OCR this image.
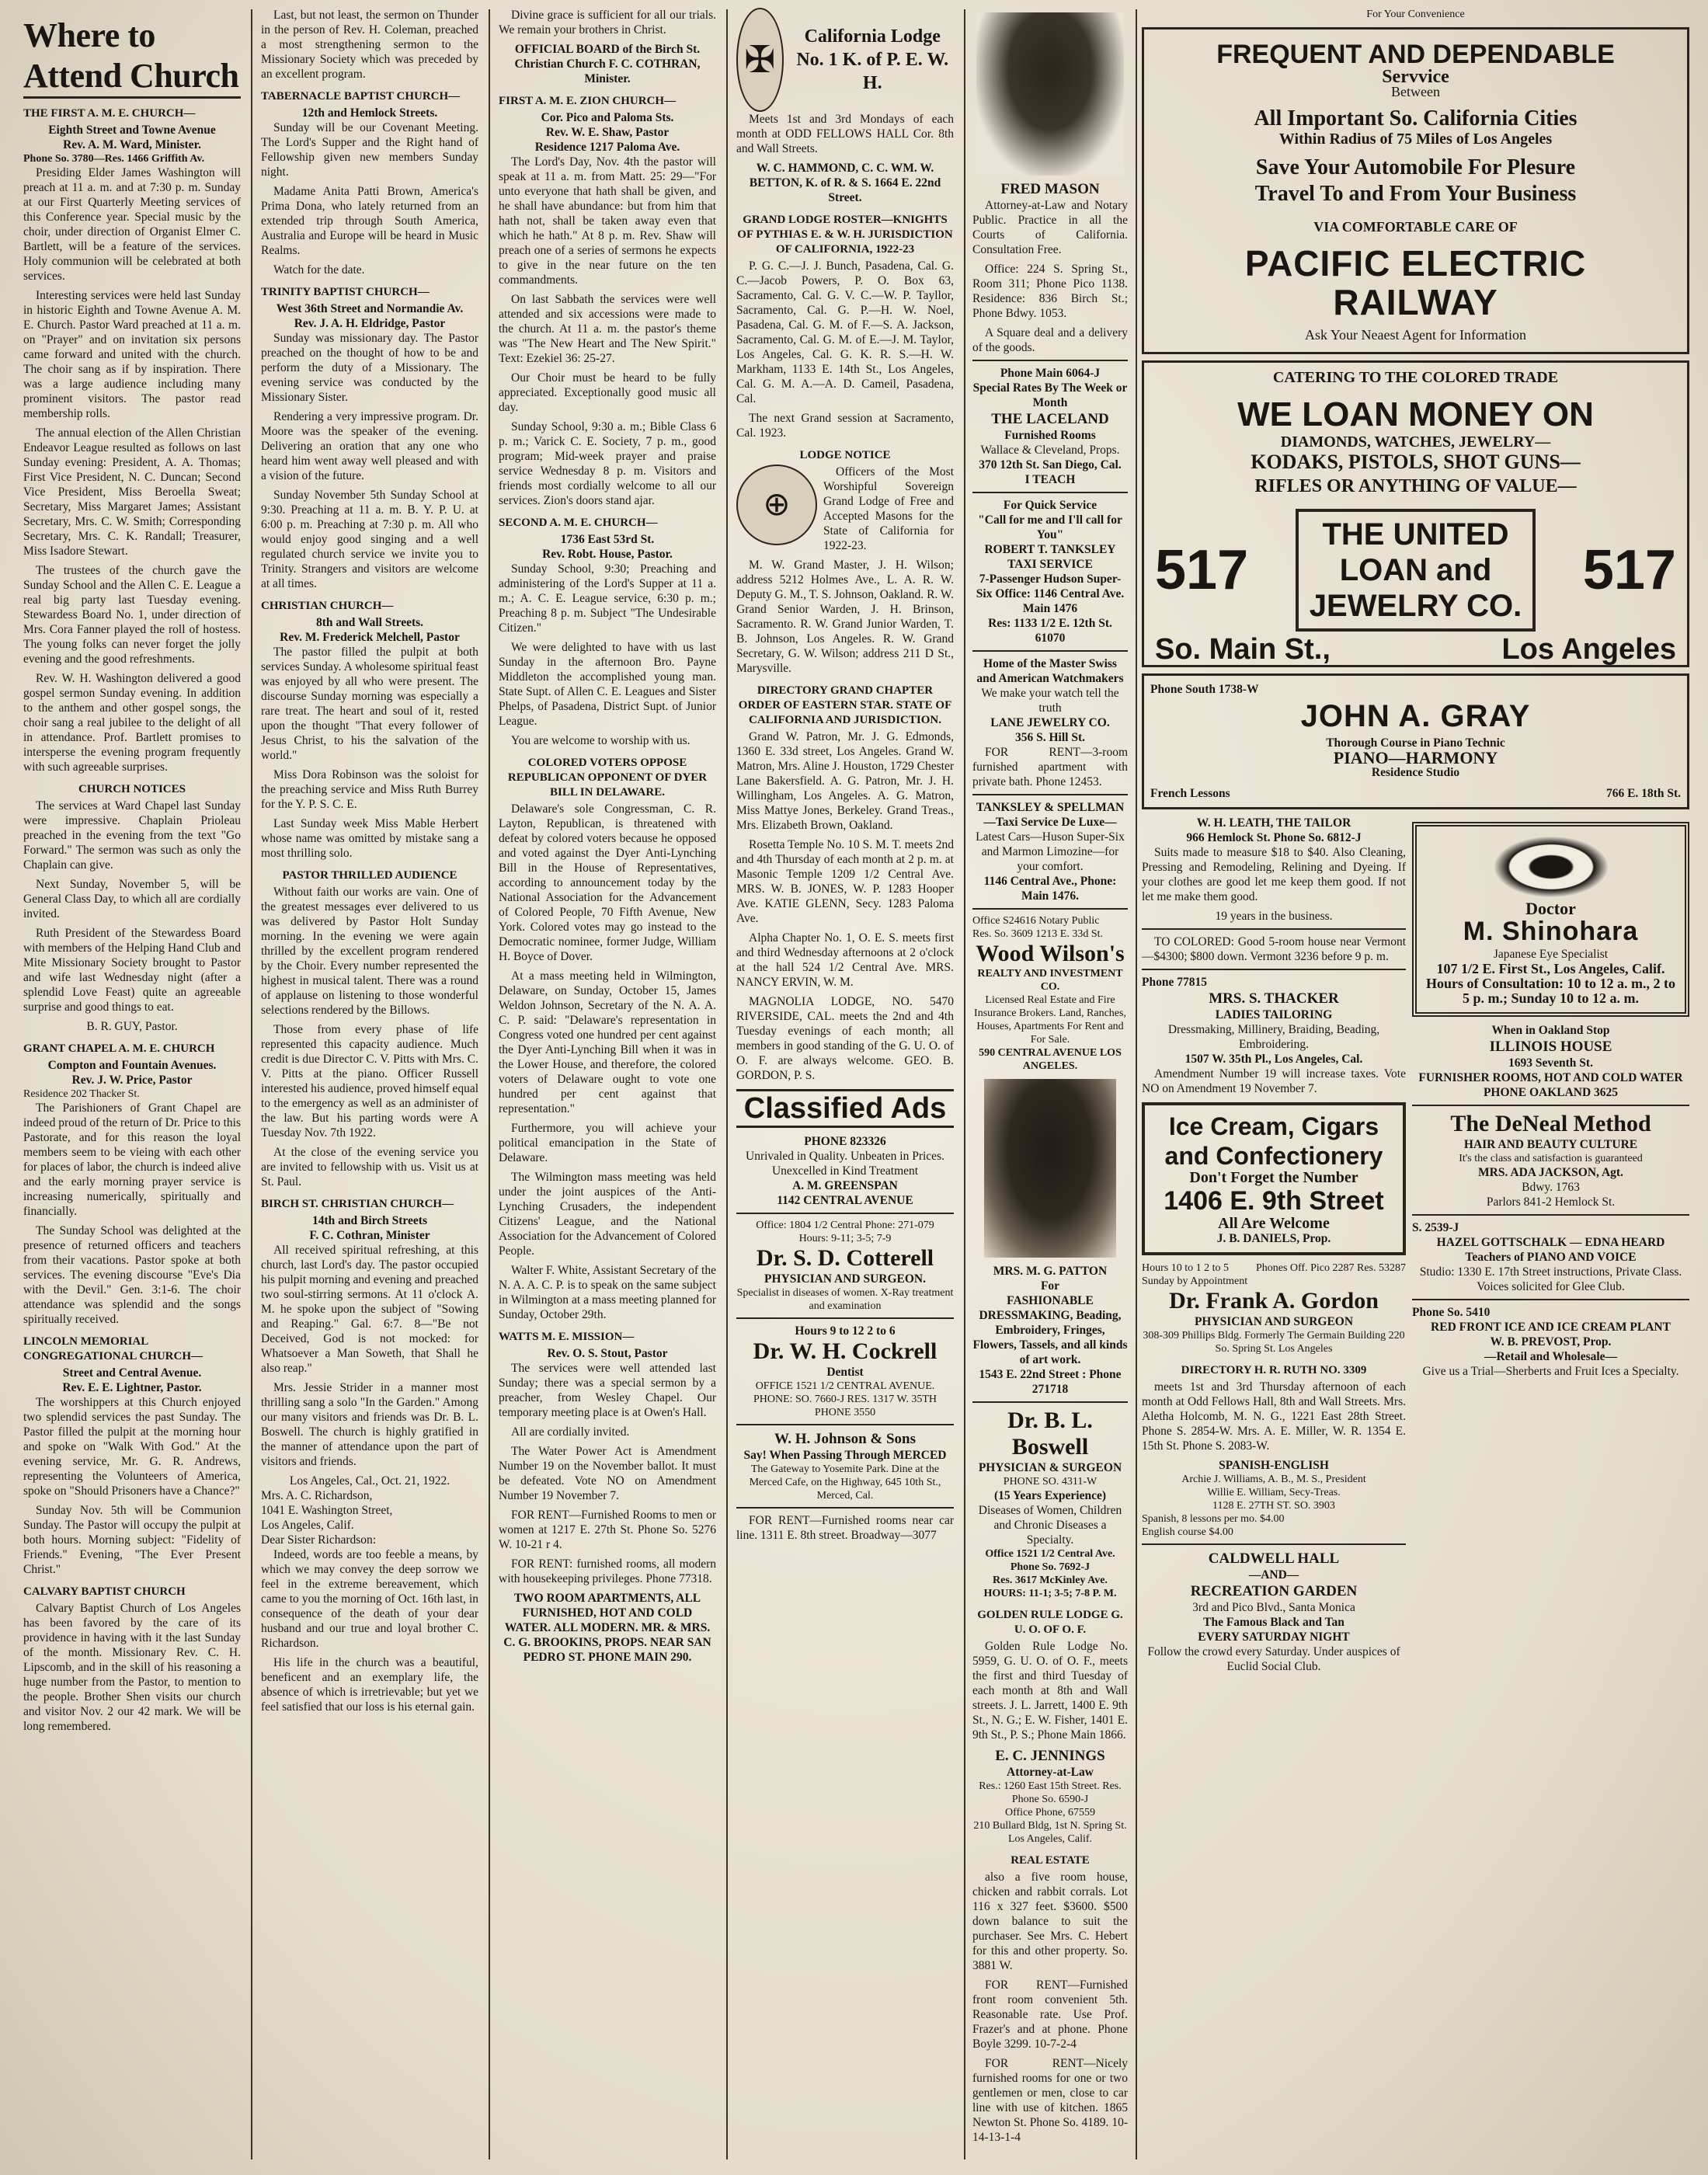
Where to Attend Church
THE FIRST A. M. E. CHURCH—
Eighth Street and Towne Avenue
Rev. A. M. Ward, Minister.
Phone So. 3780—Res. 1466 Griffith Av.

Presiding Elder James Washington will preach at 11 a. m. and at 7:30 p. m. Sunday at our First Quarterly Meeting services of this Conference year. Special music by the choir, under direction of Organist Elmer C. Bartlett, will be a feature of the services. Holy communion will be celebrated at both services.

Interesting services were held last Sunday in historic Eighth and Towne Avenue A. M. E. Church. Pastor Ward preached at 11 a. m. on "Prayer" and on invitation six persons came forward and united with the church. The choir sang as if by inspiration. There was a large audience including many prominent visitors. The pastor read membership rolls.

The annual election of the Allen Christian Endeavor League resulted as follows on last Sunday evening: President, A. A. Thomas; First Vice President, N. C. Duncan; Second Vice President, Miss Beroella Sweat; Secretary, Miss Margaret James; Assistant Secretary, Mrs. C. W. Smith; Corresponding Secretary, Mrs. C. K. Randall; Treasurer, Miss Isadore Stewart.

The trustees of the church gave the Sunday School and the Allen C. E. League a real big party last Tuesday evening. Stewardess Board No. 1, under direction of Mrs. Cora Fanner played the roll of hostess. The young folks can never forget the jolly evening and the good refreshments.

Rev. W. H. Washington delivered a good gospel sermon Sunday evening. In addition to the anthem and other gospel songs, the choir sang a real jubilee to the delight of all in attendance. Prof. Bartlett promises to intersperse the evening program frequently with such agreeable surprises.

CHURCH NOTICES

The services at Ward Chapel last Sunday were impressive. Chaplain Prioleau preached in the evening from the text "Go Forward." The sermon was such as only the Chaplain can give.

Next Sunday, November 5, will be General Class Day, to which all are cordially invited.

Ruth President of the Stewardess Board with members of the Helping Hand Club and Mite Missionary Society brought to Pastor and wife last Wednesday night (after a splendid Love Feast) quite an agreeable surprise and good things to eat.

B. R. GUY, Pastor.
GRANT CHAPEL A. M. E. CHURCH
Compton and Fountain Avenues.
Rev. J. W. Price, Pastor
Residence 202 Thacker St.

The Parishioners of Grant Chapel are indeed proud of the return of Dr. Price to this Pastorate, and for this reason the loyal members seem to be vieing with each other for places of labor, the church is indeed alive and the early morning prayer service is increasing numerically, spiritually and financially.

The Sunday School was delighted at the presence of returned officers and teachers from their vacations. Pastor spoke at both services. The evening discourse "Eve's Dia with the Devil." Gen. 3:1-6. The choir attendance was splendid and the songs spiritually received.

LINCOLN MEMORIAL CONGREGATIONAL CHURCH—
Street and Central Avenue.
Rev. E. E. Lightner, Pastor.

The worshippers at this Church enjoyed two splendid services the past Sunday. The Pastor filled the pulpit at the morning hour and spoke on "Walk With God." At the evening service, Mr. G. R. Andrews, representing the Volunteers of America, spoke on "Should Prisoners have a Chance?"

Sunday Nov. 5th will be Communion Sunday. The Pastor will occupy the pulpit at both hours. Morning subject: "Fidelity of Friends." Evening, "The Ever Present Christ."

CALVARY BAPTIST CHURCH

Calvary Baptist Church of Los Angeles has been favored by the care of its providence in having with it the last Sunday of the month. Missionary Rev. C. H. Lipscomb, and in the skill of his reasoning a huge number from the Pastor, to mention to the people. Brother Shen visits our church and visitor Nov. 2 our 42 mark. We will be long remembered.

Last, but not least, the sermon on Thunder in the person of Rev. H. Coleman, preached a most strengthening sermon to the Missionary Society which was preceded by an excellent program.

TABERNACLE BAPTIST CHURCH—
12th and Hemlock Streets.

Sunday will be our Covenant Meeting. The Lord's Supper and the Right hand of Fellowship given new members Sunday night.

Madame Anita Patti Brown, America's Prima Dona, who lately returned from an extended trip through South America, Australia and Europe will be heard in Music Realms.

Watch for the date.

TRINITY BAPTIST CHURCH—
West 36th Street and Normandie Av.
Rev. J. A. H. Eldridge, Pastor

Sunday was missionary day. The Pastor preached on the thought of how to be and perform the duty of a Missionary. The evening service was conducted by the Missionary Sister.

Rendering a very impressive program. Dr. Moore was the speaker of the evening. Delivering an oration that any one who heard him went away well pleased and with a vision of the future.

Sunday November 5th Sunday School at 9:30. Preaching at 11 a. m. B. Y. P. U. at 6:00 p. m. Preaching at 7:30 p. m. All who would enjoy good singing and a well regulated church service we invite you to Trinity. Strangers and visitors are welcome at all times.

CHRISTIAN CHURCH—
8th and Wall Streets.
Rev. M. Frederick Melchell, Pastor

The pastor filled the pulpit at both services Sunday. A wholesome spiritual feast was enjoyed by all who were present. The discourse Sunday morning was especially a rare treat. The heart and soul of it, rested upon the thought "That every follower of Jesus Christ, to his the salvation of the world."

Miss Dora Robinson was the soloist for the preaching service and Miss Ruth Burrey for the Y. P. S. C. E.

Last Sunday week Miss Mable Herbert whose name was omitted by mistake sang a most thrilling solo.

PASTOR THRILLED AUDIENCE

Without faith our works are vain. One of the greatest messages ever delivered to us was delivered by Pastor Holt Sunday morning. In the evening we were again thrilled by the excellent program rendered by the Choir. Every number represented the highest in musical talent. There was a round of applause on listening to those wonderful selections rendered by the Billows.

Those from every phase of life represented this capacity audience. Much credit is due Director C. V. Pitts with Mrs. C. V. Pitts at the piano. Officer Russell interested his audience, proved himself equal to the emergency as well as an administer of the law. But his parting words were A Tuesday Nov. 7th 1922.

At the close of the evening service you are invited to fellowship with us. Visit us at St. Paul.

BIRCH ST. CHRISTIAN CHURCH—
14th and Birch Streets
F. C. Cothran, Minister

All received spiritual refreshing, at this church, last Lord's day. The pastor occupied his pulpit morning and evening and preached two soul-stirring sermons. At 11 o'clock A. M. he spoke upon the subject of "Sowing and Reaping." Gal. 6:7. 8—"Be not Deceived, God is not mocked: for Whatsoever a Man Soweth, that Shall he also reap."

Mrs. Jessie Strider in a manner most thrilling sang a solo "In the Garden." Among our many visitors and friends was Dr. B. L. Boswell. The church is highly gratified in the manner of attendance upon the part of visitors and friends.

Los Angeles, Cal., Oct. 21, 1922.
Mrs. A. C. Richardson,
1041 E. Washington Street,
Los Angeles, Calif.
Dear Sister Richardson:

Indeed, words are too feeble a means, by which we may convey the deep sorrow we feel in the extreme bereavement, which came to you the morning of Oct. 16th last, in consequence of the death of your dear husband and our true and loyal brother C. Richardson.

His life in the church was a beautiful, beneficent and an exemplary life, the absence of which is irretrievable; but yet we feel satisfied that our loss is his eternal gain.

Divine grace is sufficient for all our trials. We remain your brothers in Christ.

OFFICIAL BOARD of the Birch St. Christian Church F. C. COTHRAN, Minister.
FIRST A. M. E. ZION CHURCH—
Cor. Pico and Paloma Sts.
Rev. W. E. Shaw, Pastor
Residence 1217 Paloma Ave.

The Lord's Day, Nov. 4th the pastor will speak at 11 a. m. from Matt. 25: 29—"For unto everyone that hath shall be given, and he shall have abundance: but from him that hath not, shall be taken away even that which he hath." At 8 p. m. Rev. Shaw will preach one of a series of sermons he expects to give in the near future on the ten commandments.

On last Sabbath the services were well attended and six accessions were made to the church. At 11 a. m. the pastor's theme was "The New Heart and The New Spirit." Text: Ezekiel 36: 25-27.

Our Choir must be heard to be fully appreciated. Exceptionally good music all day.

Sunday School, 9:30 a. m.; Bible Class 6 p. m.; Varick C. E. Society, 7 p. m., good program; Mid-week prayer and praise service Wednesday 8 p. m. Visitors and friends most cordially welcome to all our services. Zion's doors stand ajar.

SECOND A. M. E. CHURCH—
1736 East 53rd St.
Rev. Robt. House, Pastor.

Sunday School, 9:30; Preaching and administering of the Lord's Supper at 11 a. m.; A. C. E. League service, 6:30 p. m.; Preaching 8 p. m. Subject "The Undesirable Citizen."

We were delighted to have with us last Sunday in the afternoon Bro. Payne Middleton the accomplished young man. State Supt. of Allen C. E. Leagues and Sister Phelps, of Pasadena, District Supt. of Junior League.

You are welcome to worship with us.

COLORED VOTERS OPPOSE REPUBLICAN OPPONENT OF DYER BILL IN DELAWARE.

Delaware's sole Congressman, C. R. Layton, Republican, is threatened with defeat by colored voters because he opposed and voted against the Dyer Anti-Lynching Bill in the House of Representatives, according to announcement today by the National Association for the Advancement of Colored People, 70 Fifth Avenue, New York. Colored votes may go instead to the Democratic nominee, former Judge, William H. Boyce of Dover.

At a mass meeting held in Wilmington, Delaware, on Sunday, October 15, James Weldon Johnson, Secretary of the N. A. A. C. P. said: "Delaware's representation in Congress voted one hundred per cent against the Dyer Anti-Lynching Bill when it was in the Lower House, and therefore, the colored voters of Delaware ought to vote one hundred per cent against that representation."

Furthermore, you will achieve your political emancipation in the State of Delaware.

The Wilmington mass meeting was held under the joint auspices of the Anti-Lynching Crusaders, the independent Citizens' League, and the National Association for the Advancement of Colored People.

Walter F. White, Assistant Secretary of the N. A. A. C. P. is to speak on the same subject in Wilmington at a mass meeting planned for Sunday, October 29th.

WATTS M. E. MISSION—
Rev. O. S. Stout, Pastor

The services were well attended last Sunday; there was a special sermon by a preacher, from Wesley Chapel. Our temporary meeting place is at Owen's Hall.

All are cordially invited.

The Water Power Act is Amendment Number 19 on the November ballot. It must be defeated. Vote NO on Amendment Number 19 November 7.

FOR RENT—Furnished Rooms to men or women at 1217 E. 27th St. Phone So. 5276 W. 10-21 r 4.

FOR RENT: furnished rooms, all modern with housekeeping privileges. Phone 77318.

TWO ROOM APARTMENTS, ALL FURNISHED, HOT AND COLD WATER. ALL MODERN. MR. & MRS. C. G. BROOKINS, PROPS. NEAR SAN PEDRO ST. PHONE MAIN 290.
✠
California Lodge No. 1 K. of P. E. W. H.

Meets 1st and 3rd Mondays of each month at ODD FELLOWS HALL Cor. 8th and Wall Streets.

W. C. HAMMOND, C. C. WM. W. BETTON, K. of R. & S. 1664 E. 22nd Street.
GRAND LODGE ROSTER—KNIGHTS OF PYTHIAS E. & W. H. JURISDICTION OF CALIFORNIA, 1922-23

P. G. C.—J. J. Bunch, Pasadena, Cal. G. C.—Jacob Powers, P. O. Box 63, Sacramento, Cal. G. V. C.—W. P. Tayllor, Sacramento, Cal. G. P.—H. W. Noel, Pasadena, Cal. G. M. of F.—S. A. Jackson, Sacramento, Cal. G. M. of E.—J. M. Taylor, Los Angeles, Cal. G. K. R. S.—H. W. Markham, 1133 E. 14th St., Los Angeles, Cal. G. M. A.—A. D. Cameil, Pasadena, Cal.

The next Grand session at Sacramento, Cal. 1923.

LODGE NOTICE
⊕

Officers of the Most Worshipful Sovereign Grand Lodge of Free and Accepted Masons for the State of California for 1922-23.

M. W. Grand Master, J. H. Wilson; address 5212 Holmes Ave., L. A. R. W. Deputy G. M., T. S. Johnson, Oakland. R. W. Grand Senior Warden, J. H. Brinson, Sacramento. R. W. Grand Junior Warden, T. B. Johnson, Los Angeles. R. W. Grand Secretary, G. W. Wilson; address 211 D St., Marysville.

DIRECTORY GRAND CHAPTER ORDER OF EASTERN STAR. STATE OF CALIFORNIA AND JURISDICTION.

Grand W. Patron, Mr. J. G. Edmonds, 1360 E. 33d street, Los Angeles. Grand W. Matron, Mrs. Aline J. Houston, 1729 Chester Lane Bakersfield. A. G. Patron, Mr. J. H. Willingham, Los Angeles. A. G. Matron, Miss Mattye Jones, Berkeley. Grand Treas., Mrs. Elizabeth Brown, Oakland.

Rosetta Temple No. 10 S. M. T. meets 2nd and 4th Thursday of each month at 2 p. m. at Masonic Temple 1209 1/2 Central Ave. MRS. W. B. JONES, W. P. 1283 Hooper Ave. KATIE GLENN, Secy. 1283 Paloma Ave.

Alpha Chapter No. 1, O. E. S. meets first and third Wednesday afternoons at 2 o'clock at the hall 524 1/2 Central Ave. MRS. NANCY ERVIN, W. M.

MAGNOLIA LODGE, NO. 5470 RIVERSIDE, CAL. meets the 2nd and 4th Tuesday evenings of each month; all members in good standing of the G. U. O. of O. F. are always welcome. GEO. B. GORDON, P. S.

Classified Ads
PHONE 823326
Unrivaled in Quality. Unbeaten in Prices. Unexcelled in Kind Treatment
A. M. GREENSPAN
1142 CENTRAL AVENUE
Office: 1804 1/2 Central Phone: 271-079
Hours: 9-11; 3-5; 7-9
Dr. S. D. Cotterell
PHYSICIAN AND SURGEON.
Specialist in diseases of women. X-Ray treatment and examination
Hours 9 to 12 2 to 6
Dr. W. H. Cockrell
Dentist
OFFICE 1521 1/2 CENTRAL AVENUE. PHONE: SO. 7660-J RES. 1317 W. 35TH PHONE 3550
W. H. Johnson & Sons
Say! When Passing Through MERCED
The Gateway to Yosemite Park. Dine at the Merced Cafe, on the Highway, 645 10th St., Merced, Cal.

FOR RENT—Furnished rooms near car line. 1311 E. 8th street. Broadway—3077

FRED MASON

Attorney-at-Law and Notary Public. Practice in all the Courts of California. Consultation Free.

Office: 224 S. Spring St., Room 311; Phone Pico 1138. Residence: 836 Birch St.; Phone Bdwy. 1053.

A Square deal and a delivery of the goods.

Phone Main 6064-J
Special Rates By The Week or Month
THE LACELAND
Furnished Rooms
Wallace & Cleveland, Props.
370 12th St. San Diego, Cal.
I TEACH
For Quick Service
"Call for me and I'll call for You"
ROBERT T. TANKSLEY TAXI SERVICE
7-Passenger Hudson Super-Six Office: 1146 Central Ave. Main 1476
Res: 1133 1/2 E. 12th St. 61070
Home of the Master Swiss and American Watchmakers
We make your watch tell the truth
LANE JEWELRY CO.
356 S. Hill St.

FOR RENT—3-room furnished apartment with private bath. Phone 12453.

TANKSLEY & SPELLMAN
—Taxi Service De Luxe—
Latest Cars—Huson Super-Six and Marmon Limozine—for your comfort.
1146 Central Ave., Phone: Main 1476.
Office S24616 Notary Public
Res. So. 3609 1213 E. 33d St.
Wood Wilson's
REALTY AND INVESTMENT CO.
Licensed Real Estate and Fire Insurance Brokers. Land, Ranches, Houses, Apartments For Rent and For Sale.
590 CENTRAL AVENUE LOS ANGELES.
MRS. M. G. PATTON
For
FASHIONABLE DRESSMAKING, Beading, Embroidery, Fringes, Flowers, Tassels, and all kinds of art work.
1543 E. 22nd Street : Phone 271718
Dr. B. L. Boswell
PHYSICIAN & SURGEON
PHONE SO. 4311-W
(15 Years Experience)
Diseases of Women, Children and Chronic Diseases a Specialty.
Office 1521 1/2 Central Ave. Phone So. 7692-J
Res. 3617 McKinley Ave.
HOURS: 11-1; 3-5; 7-8 P. M.
GOLDEN RULE LODGE G. U. O. OF O. F.

Golden Rule Lodge No. 5959, G. U. O. of O. F., meets the first and third Tuesday of each month at 8th and Wall streets. J. L. Jarrett, 1400 E. 9th St., N. G.; E. W. Fisher, 1401 E. 9th St., P. S.; Phone Main 1866.

E. C. JENNINGS
Attorney-at-Law
Res.: 1260 East 15th Street. Res. Phone So. 6590-J
Office Phone, 67559
210 Bullard Bldg, 1st N. Spring St. Los Angeles, Calif.
REAL ESTATE

also a five room house, chicken and rabbit corrals. Lot 116 x 327 feet. $3600. $500 down balance to suit the purchaser. See Mrs. C. Hebert for this and other property. So. 3881 W.

FOR RENT—Furnished front room convenient 5th. Reasonable rate. Use Prof. Frazer's and at phone. Phone Boyle 3299. 10-7-2-4

FOR RENT—Nicely furnished rooms for one or two gentlemen or men, close to car line with use of kitchen. 1865 Newton St. Phone So. 4189. 10-14-13-1-4

For Your Convenience
FREQUENT AND DEPENDABLE
Servvice
Between
All Important So. California Cities
Within Radius of 75 Miles of Los Angeles
Save Your Automobile For Plesure
Travel To and From Your Business
VIA COMFORTABLE CARE OF
PACIFIC ELECTRIC
RAILWAY
Ask Your Neaest Agent for Information
CATERING TO THE COLORED TRADE
WE LOAN MONEY ON
DIAMONDS, WATCHES, JEWELRY—
KODAKS, PISTOLS, SHOT GUNS—
RIFLES OR ANYTHING OF VALUE—
517
THE UNITED
LOAN and
JEWELRY CO.
517
So. Main St.,	Los Angeles
Phone South 1738-W
JOHN A. GRAY
Thorough Course in Piano Technic
PIANO—HARMONY
Residence Studio
French Lessons	766 E. 18th St.
W. H. LEATH, THE TAILOR
966 Hemlock St. Phone So. 6812-J

Suits made to measure $18 to $40. Also Cleaning, Pressing and Remodeling, Relining and Dyeing. If your clothes are good let me keep them good. If not let me make them good.

19 years in the business.

TO COLORED: Good 5-room house near Vermont—$4300; $800 down. Vermont 3236 before 9 p. m.

Phone 77815
MRS. S. THACKER
LADIES TAILORING
Dressmaking, Millinery, Braiding, Beading, Embroidering.
1507 W. 35th Pl., Los Angeles, Cal.

Amendment Number 19 will increase taxes. Vote NO on Amendment 19 November 7.

Ice Cream, Cigars
and Confectionery
Don't Forget the Number
1406 E. 9th Street
All Are Welcome
J. B. DANIELS, Prop.
Hours 10 to 1 2 to 5 Phones Off. Pico 2287 Res. 53287
Sunday by Appointment
Dr. Frank A. Gordon
PHYSICIAN AND SURGEON
308-309 Phillips Bldg. Formerly The Germain Building 220 So. Spring St. Los Angeles
DIRECTORY H. R. RUTH NO. 3309

meets 1st and 3rd Thursday afternoon of each month at Odd Fellows Hall, 8th and Wall Streets. Mrs. Aletha Holcomb, M. N. G., 1221 East 28th Street. Phone S. 2854-W. Mrs. A. E. Miller, W. R. 1354 E. 15th St. Phone S. 2083-W.

SPANISH-ENGLISH
Archie J. Williams, A. B., M. S., President
Willie E. William, Secy-Treas.
1128 E. 27TH ST. SO. 3903
Spanish, 8 lessons per mo. $4.00
English course $4.00
CALDWELL HALL
—AND—
RECREATION GARDEN
3rd and Pico Blvd., Santa Monica
The Famous Black and Tan
EVERY SATURDAY NIGHT
Follow the crowd every Saturday. Under auspices of Euclid Social Club.
Doctor
M. Shinohara
Japanese Eye Specialist
107 1/2 E. First St., Los Angeles, Calif.
Hours of Consultation: 10 to 12 a. m., 2 to 5 p. m.; Sunday 10 to 12 a. m.
When in Oakland Stop
ILLINOIS HOUSE
1693 Seventh St.
FURNISHER ROOMS, HOT AND COLD WATER
PHONE OAKLAND 3625
The DeNeal Method
HAIR AND BEAUTY CULTURE
It's the class and satisfaction is guaranteed
MRS. ADA JACKSON, Agt.
Bdwy. 1763
Parlors 841-2 Hemlock St.
S. 2539-J
HAZEL GOTTSCHALK — EDNA HEARD
Teachers of PIANO AND VOICE
Studio: 1330 E. 17th Street instructions, Private Class. Voices solicited for Glee Club.
Phone So. 5410
RED FRONT ICE AND ICE CREAM PLANT
W. B. PREVOST, Prop.
—Retail and Wholesale—
Give us a Trial—Sherberts and Fruit Ices a Specialty.
